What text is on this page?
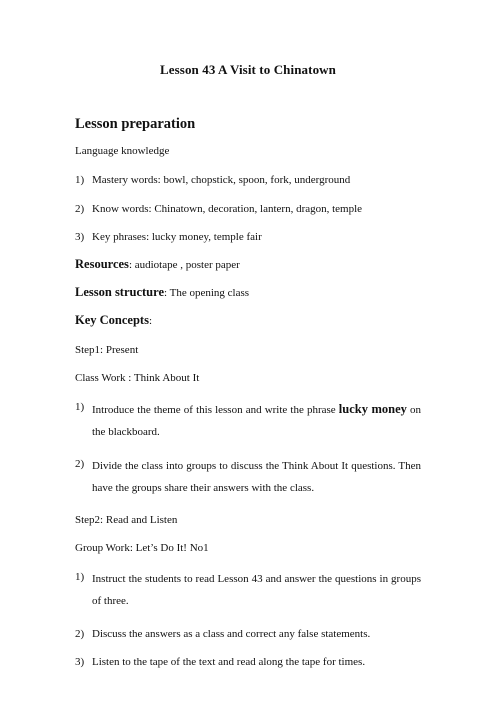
Lesson 43 A Visit to Chinatown
Lesson preparation
Language knowledge
1) Mastery words: bowl, chopstick, spoon, fork, underground
2) Know words: Chinatown, decoration, lantern, dragon, temple
3) Key phrases: lucky money, temple fair
Resources: audiotape , poster paper
Lesson structure: The opening class
Key Concepts:
Step1: Present
Class Work : Think About It
1) Introduce the theme of this lesson and write the phrase lucky money on the blackboard.
2) Divide the class into groups to discuss the Think About It questions. Then have the groups share their answers with the class.
Step2: Read and Listen
Group Work: Let’s Do It! No1
1) Instruct the students to read Lesson 43 and answer the questions in groups of three.
2) Discuss the answers as a class and correct any false statements.
3) Listen to the tape of the text and read along the tape for times.
